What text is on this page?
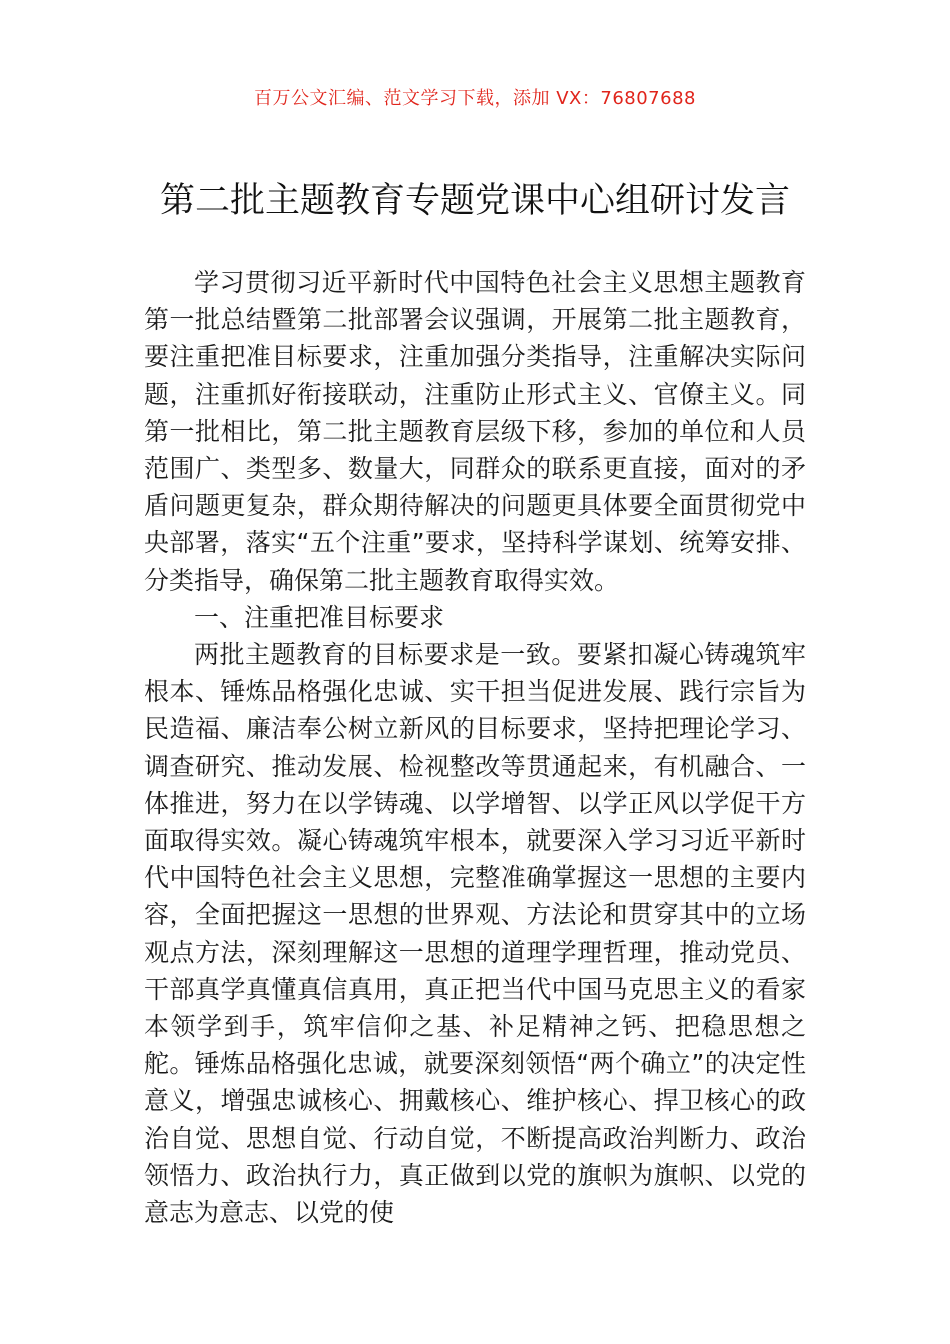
百万公文汇编、范文学习下载，添加 VX：76807688
第二批主题教育专题党课中心组研讨发言

学习贯彻习近平新时代中国特色社会主义思想主题教育第一批总结暨第二批部署会议强调，开展第二批主题教育，要注重把准目标要求，注重加强分类指导，注重解决实际问题，注重抓好衔接联动，注重防止形式主义、官僚主义。同第一批相比，第二批主题教育层级下移，参加的单位和人员范围广、类型多、数量大，同群众的联系更直接，面对的矛盾问题更复杂，群众期待解决的问题更具体要全面贯彻党中央部署，落实“五个注重”要求，坚持科学谋划、统筹安排、分类指导，确保第二批主题教育取得实效。

一、注重把准目标要求

两批主题教育的目标要求是一致。要紧扣凝心铸魂筑牢根本、锤炼品格强化忠诚、实干担当促进发展、践行宗旨为民造福、廉洁奉公树立新风的目标要求，坚持把理论学习、调查研究、推动发展、检视整改等贯通起来，有机融合、一体推进，努力在以学铸魂、以学增智、以学正风以学促干方面取得实效。凝心铸魂筑牢根本，就要深入学习习近平新时代中国特色社会主义思想，完整准确掌握这一思想的主要内容，全面把握这一思想的世界观、方法论和贯穿其中的立场观点方法，深刻理解这一思想的道理学理哲理，推动党员、干部真学真懂真信真用，真正把当代中国马克思主义的看家本领学到手，筑牢信仰之基、补足精神之钙、把稳思想之舵。锤炼品格强化忠诚，就要深刻领悟“两个确立”的决定性意义，增强忠诚核心、拥戴核心、维护核心、捍卫核心的政治自觉、思想自觉、行动自觉，不断提高政治判断力、政治领悟力、政治执行力，真正做到以党的旗帜为旗帜、以党的意志为意志、以党的使
